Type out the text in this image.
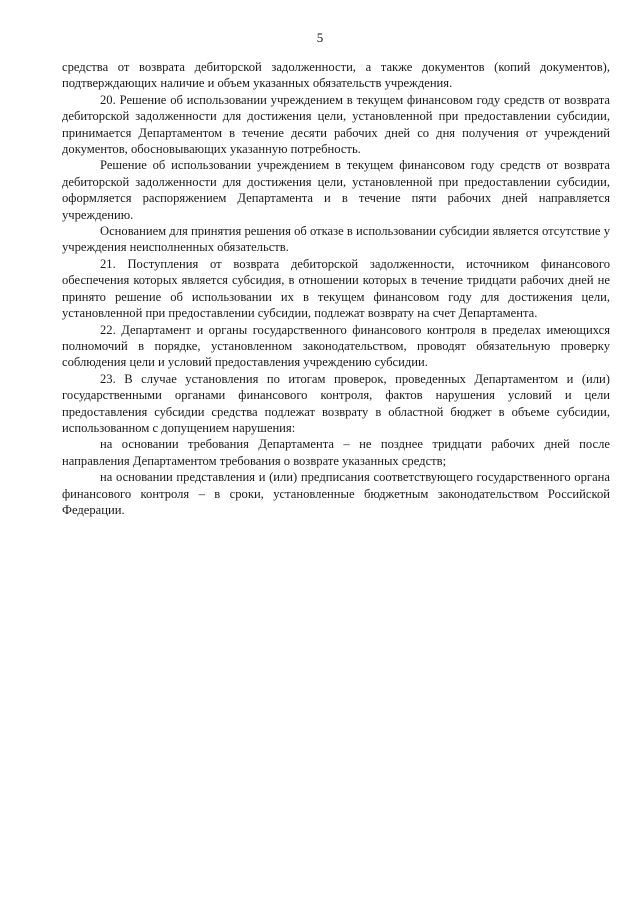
5

средства от возврата дебиторской задолженности, а также документов (копий документов), подтверждающих наличие и объем указанных обязательств учреждения.

20. Решение об использовании учреждением в текущем финансовом году средств от возврата дебиторской задолженности для достижения цели, установленной при предоставлении субсидии, принимается Департаментом в течение десяти рабочих дней со дня получения от учреждений документов, обосновывающих указанную потребность.

Решение об использовании учреждением в текущем финансовом году средств от возврата дебиторской задолженности для достижения цели, установленной при предоставлении субсидии, оформляется распоряжением Департамента и в течение пяти рабочих дней направляется учреждению.

Основанием для принятия решения об отказе в использовании субсидии является отсутствие у учреждения неисполненных обязательств.

21. Поступления от возврата дебиторской задолженности, источником финансового обеспечения которых является субсидия, в отношении которых в течение тридцати рабочих дней не принято решение об использовании их в текущем финансовом году для достижения цели, установленной при предоставлении субсидии, подлежат возврату на счет Департамента.

22. Департамент и органы государственного финансового контроля в пределах имеющихся полномочий в порядке, установленном законодательством, проводят обязательную проверку соблюдения цели и условий предоставления учреждению субсидии.

23. В случае установления по итогам проверок, проведенных Департаментом и (или) государственными органами финансового контроля, фактов нарушения условий и цели предоставления субсидии средства подлежат возврату в областной бюджет в объеме субсидии, использованном с допущением нарушения:

на основании требования Департамента – не позднее тридцати рабочих дней после направления Департаментом требования о возврате указанных средств;

на основании представления и (или) предписания соответствующего государственного органа финансового контроля – в сроки, установленные бюджетным законодательством Российской Федерации.
